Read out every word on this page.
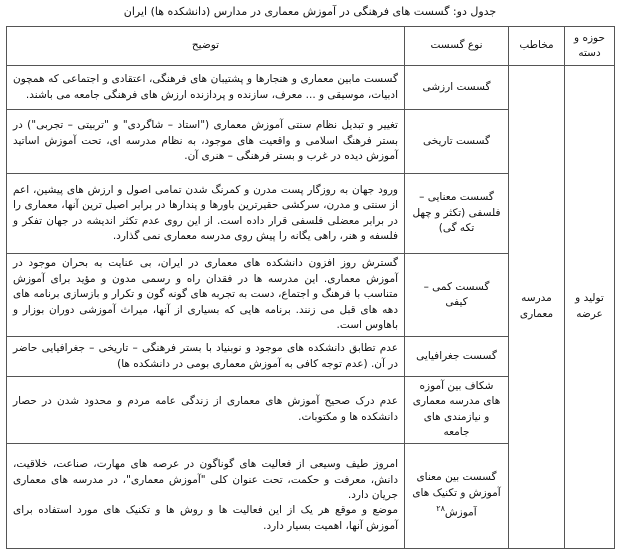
جدول دو: گسست های فرهنگی در آموزش معماری در مدارس (دانشکده ها) ایران
حوزه و دسته	مخاطب	نوع گسست	توضیح
تولید و عرضه	مدرسه معماری	گسست ارزشی	گسست مابین معماری و هنجارها و پشتیبان های فرهنگی، اعتقادی و اجتماعی که همچون ادبیات، موسیقی و ... معرف، سازنده و پردازنده ارزش های فرهنگی جامعه می باشند.
		گسست تاریخی	تغییر و تبدیل نظام سنتی آموزش معماری ("استاد – شاگردی" و "تربیتی – تجربی") در بستر فرهنگ اسلامی و واقعیت های موجود، به نظام مدرسه ای، تحت آموزش اساتید آموزش دیده در غرب و بستر فرهنگی – هنری آن.
		گسست معنایی – فلسفی (تکثر و چهل تکه گی)	ورود جهان به روزگار پست مدرن و کمرنگ شدن تمامی اصول و ارزش های پیشین، اعم از سنتی و مدرن، سرکشی حقیرترین باورها و پندارها در برابر اصیل ترین آنها، معماری را در برابر معضلی فلسفی قرار داده است. از این روی عدم تکثر اندیشه در جهان تفکر و فلسفه و هنر، راهی یگانه را پیش روی مدرسه معماری نمی گذارد.
		گسست کمی – کیفی	گسترش روز افزون دانشکده های معماری در ایران، بی عنایت به بحران موجود در آموزش معماری. این مدرسه ها در فقدان راه و رسمی مدون و مؤید برای آموزش متناسب با فرهنگ و اجتماع، دست به تجربه های گونه گون و تکرار و بازسازی برنامه های دهه های قبل می زنند. برنامه هایی که بسیاری از آنها، میراث آموزشی دوران بوزار و باهاوس است.
		گسست جغرافیایی	عدم تطابق دانشکده های موجود و نوبنیاد با بستر فرهنگی – تاریخی – جغرافیایی حاضر در آن. (عدم توجه کافی به آموزش معماری بومی در دانشکده ها)
		شکاف بین آموزه های مدرسه معماری و نیازمندی های جامعه	عدم درک صحیح آموزش های معماری از زندگی عامه مردم و محدود شدن در حصار دانشکده ها و مکتوبات.
		گسست بین معنای آموزش و تکنیک های آموزش$^{۲۸}$	امروز طیف وسیعی از فعالیت های گوناگون در عرصه های مهارت، صناعت، خلاقیت، دانش، معرفت و حکمت، تحت عنوان کلی "آموزش معماری"، در مدرسه های معماری جریان دارد.
موضع و موقع هر یک از این فعالیت ها و روش ها و تکنیک های مورد استفاده برای آموزش آنها، اهمیت بسیار دارد.
